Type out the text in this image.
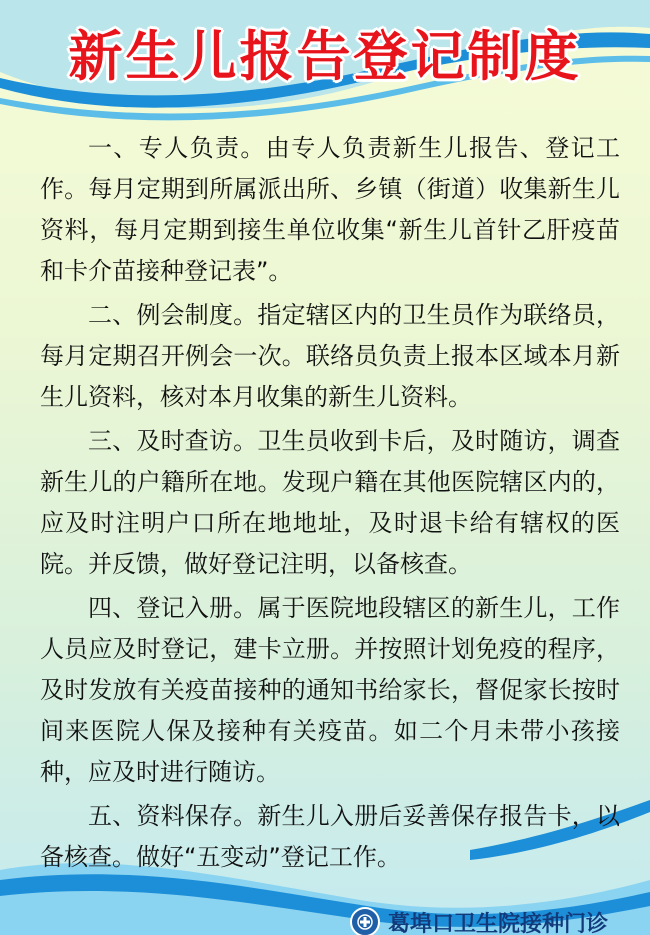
新生儿报告登记制度

一、专人负责。由专人负责新生儿报告、登记工作。每月定期到所属派出所、乡镇（街道）收集新生儿资料，每月定期到接生单位收集“新生儿首针乙肝疫苗和卡介苗接种登记表”。

二、例会制度。指定辖区内的卫生员作为联络员，每月定期召开例会一次。联络员负责上报本区域本月新生儿资料，核对本月收集的新生儿资料。

三、及时查访。卫生员收到卡后，及时随访，调查新生儿的户籍所在地。发现户籍在其他医院辖区内的，应及时注明户口所在地地址，及时退卡给有辖权的医院。并反馈，做好登记注明，以备核查。

四、登记入册。属于医院地段辖区的新生儿，工作　人员应及时登记，建卡立册。并按照计划免疫的程序，及时发放有关疫苗接种的通知书给家长，督促家长按时间来医院人保及接种有关疫苗。如二个月未带小孩接种，应及时进行随访。

五、资料保存。新生儿入册后妥善保存报告卡，以备核查。做好“五变动”登记工作。

葛埠口卫生院接种门诊
